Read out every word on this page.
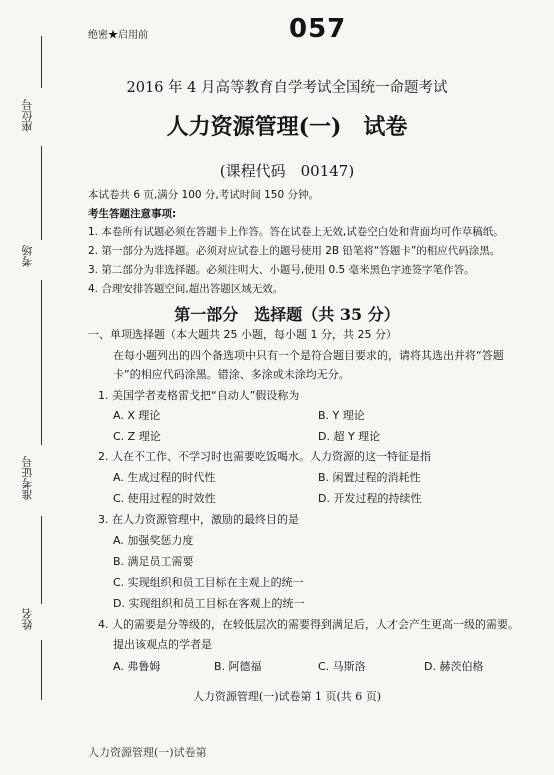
座位号
考场
准考证号
姓名
绝密★启用前	057
2016 年 4 月高等教育自学考试全国统一命题考试
人力资源管理(一)　试卷
(课程代码　00147)
本试卷共 6 页,满分 100 分,考试时间 150 分钟。
考生答题注意事项:
1. 本卷所有试题必须在答题卡上作答。答在试卷上无效,试卷空白处和背面均可作草稿纸。
2. 第一部分为选择题。必须对应试卷上的题号使用 2B 铅笔将“答题卡”的相应代码涂黑。
3. 第二部分为非选择题。必须注明大、小题号,使用 0.5 毫米黑色字迹签字笔作答。
4. 合理安排答题空间,超出答题区域无效。
第一部分　选择题（共 35 分）
一、单项选择题（本大题共 25 小题，每小题 1 分，共 25 分）
在每小题列出的四个备选项中只有一个是符合题目要求的，请将其选出并将“答题
卡”的相应代码涂黑。错涂、多涂或未涂均无分。
1. 美国学者麦格雷戈把“自动人”假设称为
A. X 理论	B. Y 理论
C. Z 理论	D. 超 Y 理论
2. 人在不工作、不学习时也需要吃饭喝水。人力资源的这一特征是指
A. 生成过程的时代性	B. 闲置过程的消耗性
C. 使用过程的时效性	D. 开发过程的持续性
3. 在人力资源管理中，激励的最终目的是
A. 加强奖惩力度
B. 满足员工需要
C. 实现组织和员工目标在主观上的统一
D. 实现组织和员工目标在客观上的统一
4. 人的需要是分等级的，在较低层次的需要得到满足后，人才会产生更高一级的需要。
提出该观点的学者是
A. 弗鲁姆	B. 阿德福	C. 马斯洛	D. 赫茨伯格
人力资源管理(一)试卷第 1 页(共 6 页)
人力资源管理(一)试卷第
